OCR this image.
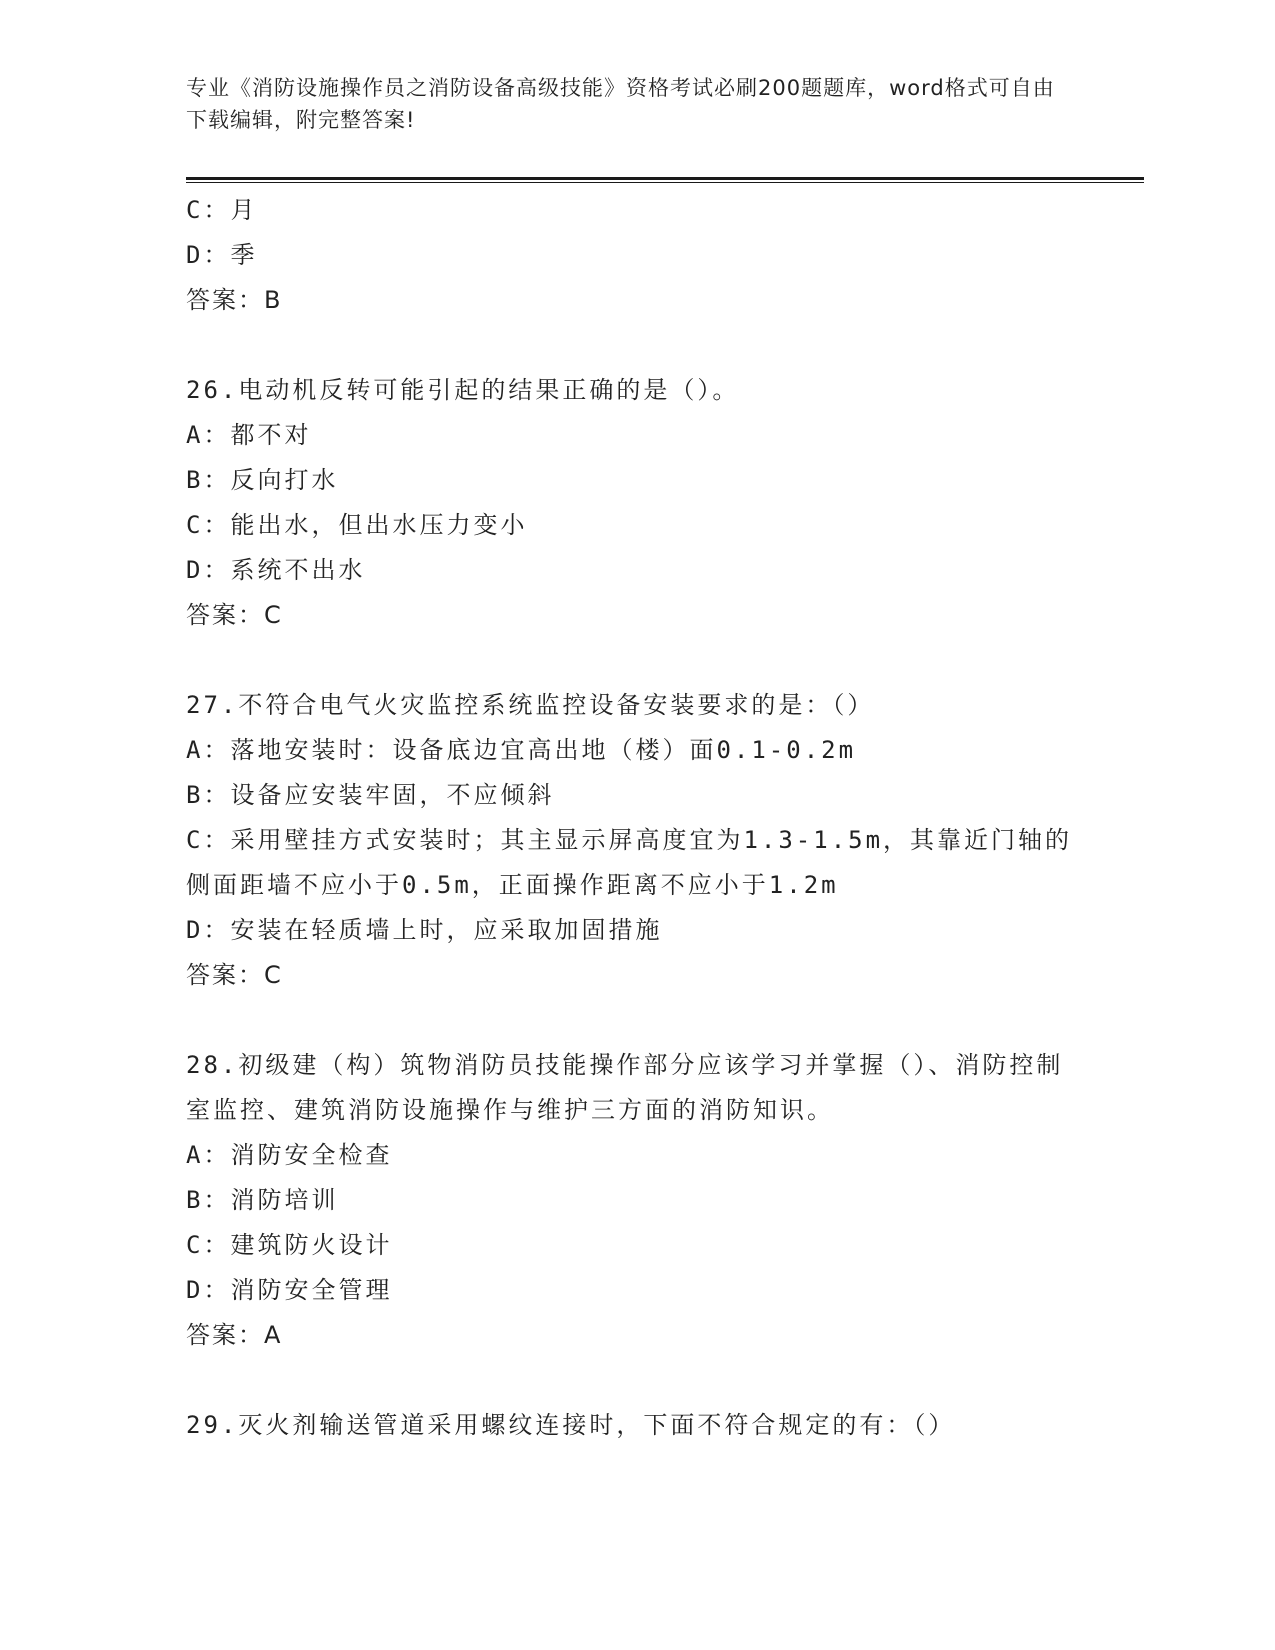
专业《消防设施操作员之消防设备高级技能》资格考试必刷200题题库，word格式可自由下载编辑，附完整答案!
C：月
D：季
答案：B
26.电动机反转可能引起的结果正确的是（）。
A：都不对
B：反向打水
C：能出水，但出水压力变小
D：系统不出水
答案：C
27.不符合电气火灾监控系统监控设备安装要求的是：（）
A：落地安装时：设备底边宜高出地（楼）面0.1-0.2m
B：设备应安装牢固，不应倾斜
C：采用壁挂方式安装时；其主显示屏高度宜为1.3-1.5m，其靠近门轴的侧面距墙不应小于0.5m，正面操作距离不应小于1.2m
D：安装在轻质墙上时，应采取加固措施
答案：C
28.初级建（构）筑物消防员技能操作部分应该学习并掌握（）、消防控制室监控、建筑消防设施操作与维护三方面的消防知识。
A：消防安全检查
B：消防培训
C：建筑防火设计
D：消防安全管理
答案：A
29.灭火剂输送管道采用螺纹连接时，下面不符合规定的有：（）
